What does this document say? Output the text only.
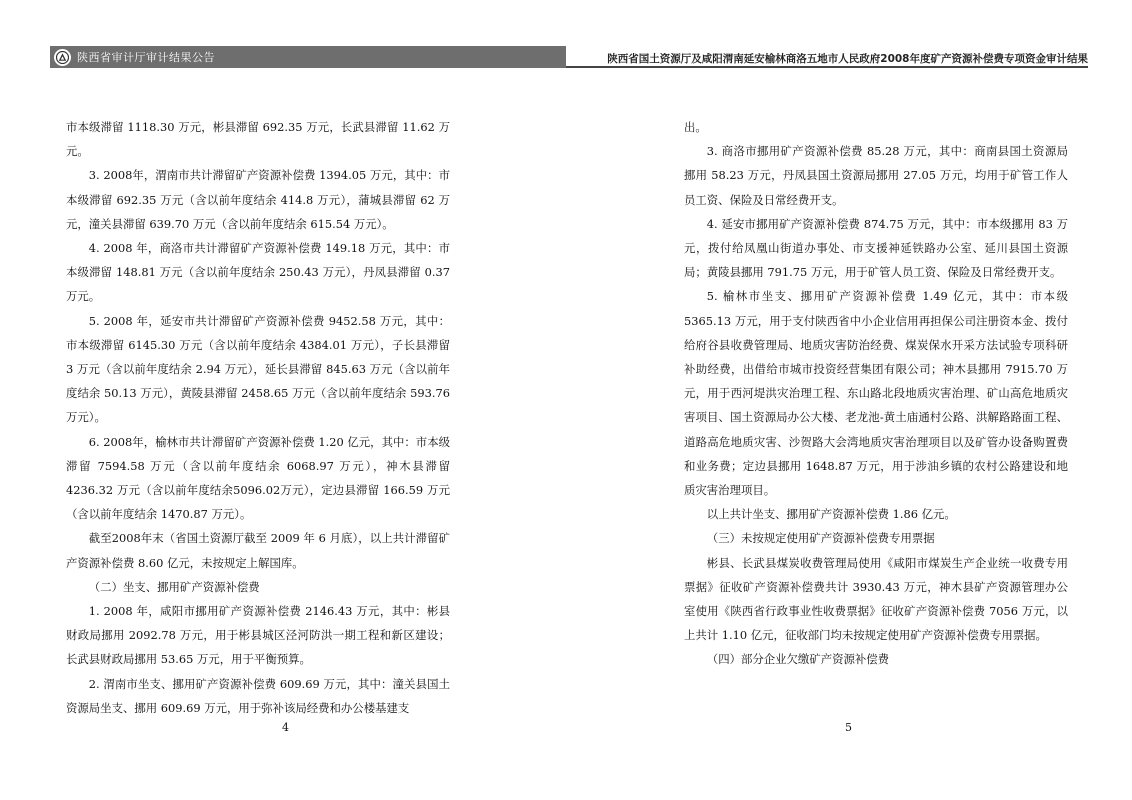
陕西省审计厅审计结果公告	陕西省国土资源厅及咸阳渭南延安榆林商洛五地市人民政府2008年度矿产资源补偿费专项资金审计结果

市本级滞留 1118.30 万元，彬县滞留 692.35 万元，长武县滞留 11.62 万元。

3. 2008年，渭南市共计滞留矿产资源补偿费 1394.05 万元，其中：市本级滞留 692.35 万元（含以前年度结余 414.8 万元），蒲城县滞留 62 万元，潼关县滞留 639.70 万元（含以前年度结余 615.54 万元）。

4. 2008 年，商洛市共计滞留矿产资源补偿费 149.18 万元，其中：市本级滞留 148.81 万元（含以前年度结余 250.43 万元），丹凤县滞留 0.37 万元。

5. 2008 年，延安市共计滞留矿产资源补偿费 9452.58 万元，其中：市本级滞留 6145.30 万元（含以前年度结余 4384.01 万元），子长县滞留 3 万元（含以前年度结余 2.94 万元），延长县滞留 845.63 万元（含以前年度结余 50.13 万元），黄陵县滞留 2458.65 万元（含以前年度结余 593.76 万元）。

6. 2008年，榆林市共计滞留矿产资源补偿费 1.20 亿元，其中：市本级滞留 7594.58 万元（含以前年度结余 6068.97 万元），神木县滞留 4236.32 万元（含以前年度结余5096.02万元），定边县滞留 166.59 万元（含以前年度结余 1470.87 万元）。

截至2008年末（省国土资源厅截至 2009 年 6 月底），以上共计滞留矿产资源补偿费 8.60 亿元，未按规定上解国库。

（二）坐支、挪用矿产资源补偿费

1. 2008 年，咸阳市挪用矿产资源补偿费 2146.43 万元，其中：彬县财政局挪用 2092.78 万元，用于彬县城区泾河防洪一期工程和新区建设；长武县财政局挪用 53.65 万元，用于平衡预算。

2. 渭南市坐支、挪用矿产资源补偿费 609.69 万元，其中：潼关县国土资源局坐支、挪用 609.69 万元，用于弥补该局经费和办公楼基建支

出。

3. 商洛市挪用矿产资源补偿费 85.28 万元，其中：商南县国土资源局挪用 58.23 万元，丹凤县国土资源局挪用 27.05 万元，均用于矿管工作人员工资、保险及日常经费开支。

4. 延安市挪用矿产资源补偿费 874.75 万元，其中：市本级挪用 83 万元，拨付给凤凰山街道办事处、市支援神延铁路办公室、延川县国土资源局；黄陵县挪用 791.75 万元，用于矿管人员工资、保险及日常经费开支。

5. 榆林市坐支、挪用矿产资源补偿费 1.49 亿元，其中：市本级 5365.13 万元，用于支付陕西省中小企业信用再担保公司注册资本金、拨付给府谷县收费管理局、地质灾害防治经费、煤炭保水开采方法试验专项科研补助经费，出借给市城市投资经营集团有限公司；神木县挪用 7915.70 万元，用于西河堤洪灾治理工程、东山路北段地质灾害治理、矿山高危地质灾害项目、国土资源局办公大楼、老龙池-黄土庙通村公路、洪解路路面工程、道路高危地质灾害、沙贺路大会湾地质灾害治理项目以及矿管办设备购置费和业务费；定边县挪用 1648.87 万元，用于涉油乡镇的农村公路建设和地质灾害治理项目。

以上共计坐支、挪用矿产资源补偿费 1.86 亿元。

（三）未按规定使用矿产资源补偿费专用票据

彬县、长武县煤炭收费管理局使用《咸阳市煤炭生产企业统一收费专用票据》征收矿产资源补偿费共计 3930.43 万元，神木县矿产资源管理办公室使用《陕西省行政事业性收费票据》征收矿产资源补偿费 7056 万元，以上共计 1.10 亿元，征收部门均未按规定使用矿产资源补偿费专用票据。

（四）部分企业欠缴矿产资源补偿费

4	5
